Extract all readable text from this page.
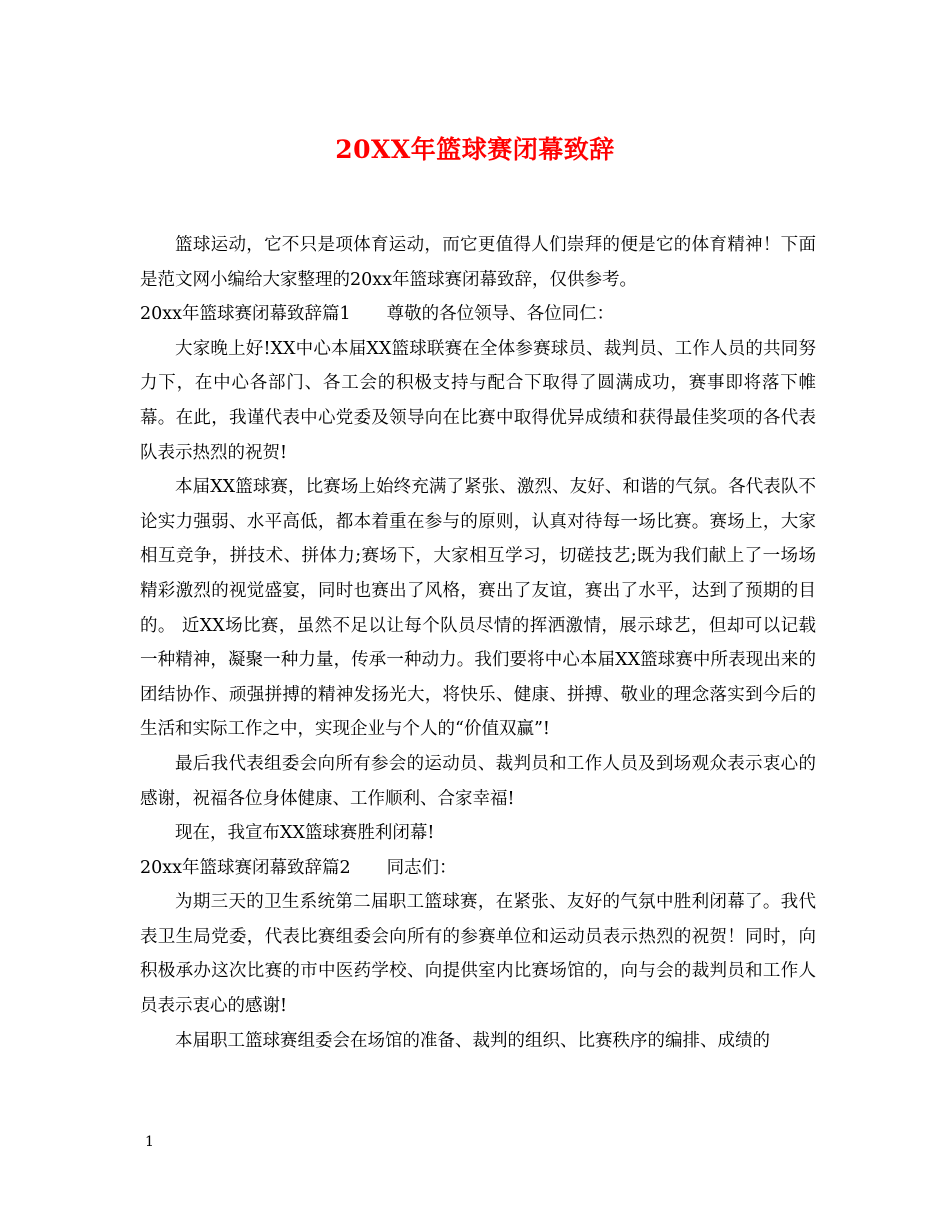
20XX年篮球赛闭幕致辞

篮球运动，它不只是项体育运动，而它更值得人们崇拜的便是它的体育精神！下面是范文网小编给大家整理的20xx年篮球赛闭幕致辞，仅供参考。

20xx年篮球赛闭幕致辞篇1 尊敬的各位领导、各位同仁：

大家晚上好!XX中心本届XX篮球联赛在全体参赛球员、裁判员、工作人员的共同努力下，在中心各部门、各工会的积极支持与配合下取得了圆满成功，赛事即将落下帷幕。在此，我谨代表中心党委及领导向在比赛中取得优异成绩和获得最佳奖项的各代表队表示热烈的祝贺!

本届XX篮球赛，比赛场上始终充满了紧张、激烈、友好、和谐的气氛。各代表队不论实力强弱、水平高低，都本着重在参与的原则，认真对待每一场比赛。赛场上，大家相互竞争，拼技术、拼体力;赛场下，大家相互学习，切磋技艺;既为我们献上了一场场精彩激烈的视觉盛宴，同时也赛出了风格，赛出了友谊，赛出了水平，达到了预期的目的。 近XX场比赛，虽然不足以让每个队员尽情的挥洒激情，展示球艺，但却可以记载一种精神，凝聚一种力量，传承一种动力。我们要将中心本届XX篮球赛中所表现出来的团结协作、顽强拼搏的精神发扬光大，将快乐、健康、拼搏、敬业的理念落实到今后的生活和实际工作之中，实现企业与个人的“价值双赢”!

最后我代表组委会向所有参会的运动员、裁判员和工作人员及到场观众表示衷心的感谢，祝福各位身体健康、工作顺利、合家幸福!

现在，我宣布XX篮球赛胜利闭幕!

20xx年篮球赛闭幕致辞篇2 同志们：

为期三天的卫生系统第二届职工篮球赛，在紧张、友好的气氛中胜利闭幕了。我代表卫生局党委，代表比赛组委会向所有的参赛单位和运动员表示热烈的祝贺！同时，向积极承办这次比赛的市中医药学校、向提供室内比赛场馆的，向与会的裁判员和工作人员表示衷心的感谢!

本届职工篮球赛组委会在场馆的准备、裁判的组织、比赛秩序的编排、成绩的

1
